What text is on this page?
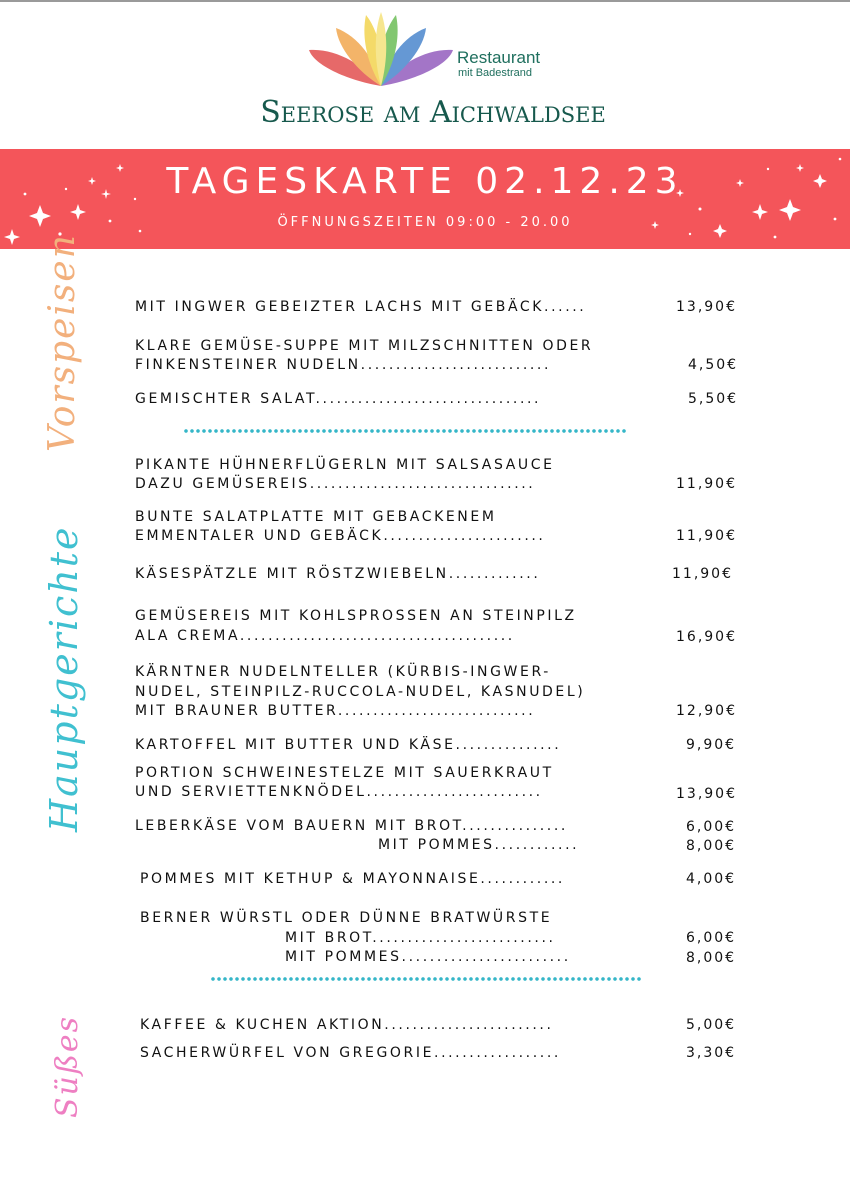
Restaurant
mit Badestrand
Seerose am Aichwaldsee
TAGESKARTE 02.12.23
ÖFFNUNGSZEITEN 09:00 - 20.00
Vorspeisen
Hauptgerichte
Süßes
MIT INGWER GEBEIZTER LACHS MIT GEBÄCK......	13,90€
KLARE GEMÜSE-SUPPE MIT MILZSCHNITTEN ODER
FINKENSTEINER NUDELN...........................	4,50€
GEMISCHTER SALAT................................	5,50€
PIKANTE HÜHNERFLÜGERLN MIT SALSASAUCE
DAZU GEMÜSEREIS................................	11,90€
BUNTE SALATPLATTE MIT GEBACKENEM
EMMENTALER UND GEBÄCK.......................	11,90€
KÄSESPÄTZLE MIT RÖSTZWIEBELN.............	11,90€
GEMÜSEREIS MIT KOHLSPROSSEN AN STEINPILZ
ALA CREMA.......................................	16,90€
KÄRNTNER NUDELNTELLER (KÜRBIS-INGWER-
NUDEL, STEINPILZ-RUCCOLA-NUDEL, KASNUDEL)
MIT BRAUNER BUTTER............................	12,90€
KARTOFFEL MIT BUTTER UND KÄSE...............	9,90€
PORTION SCHWEINESTELZE MIT SAUERKRAUT
UND SERVIETTENKNÖDEL.........................	13,90€
LEBERKÄSE VOM BAUERN MIT BROT...............	6,00€
MIT POMMES............	8,00€
POMMES MIT KETHUP & MAYONNAISE............	4,00€
BERNER WÜRSTL ODER DÜNNE BRATWÜRSTE
MIT BROT..........................	6,00€
MIT POMMES........................	8,00€
KAFFEE & KUCHEN AKTION........................	5,00€
SACHERWÜRFEL VON GREGORIE..................	3,30€
